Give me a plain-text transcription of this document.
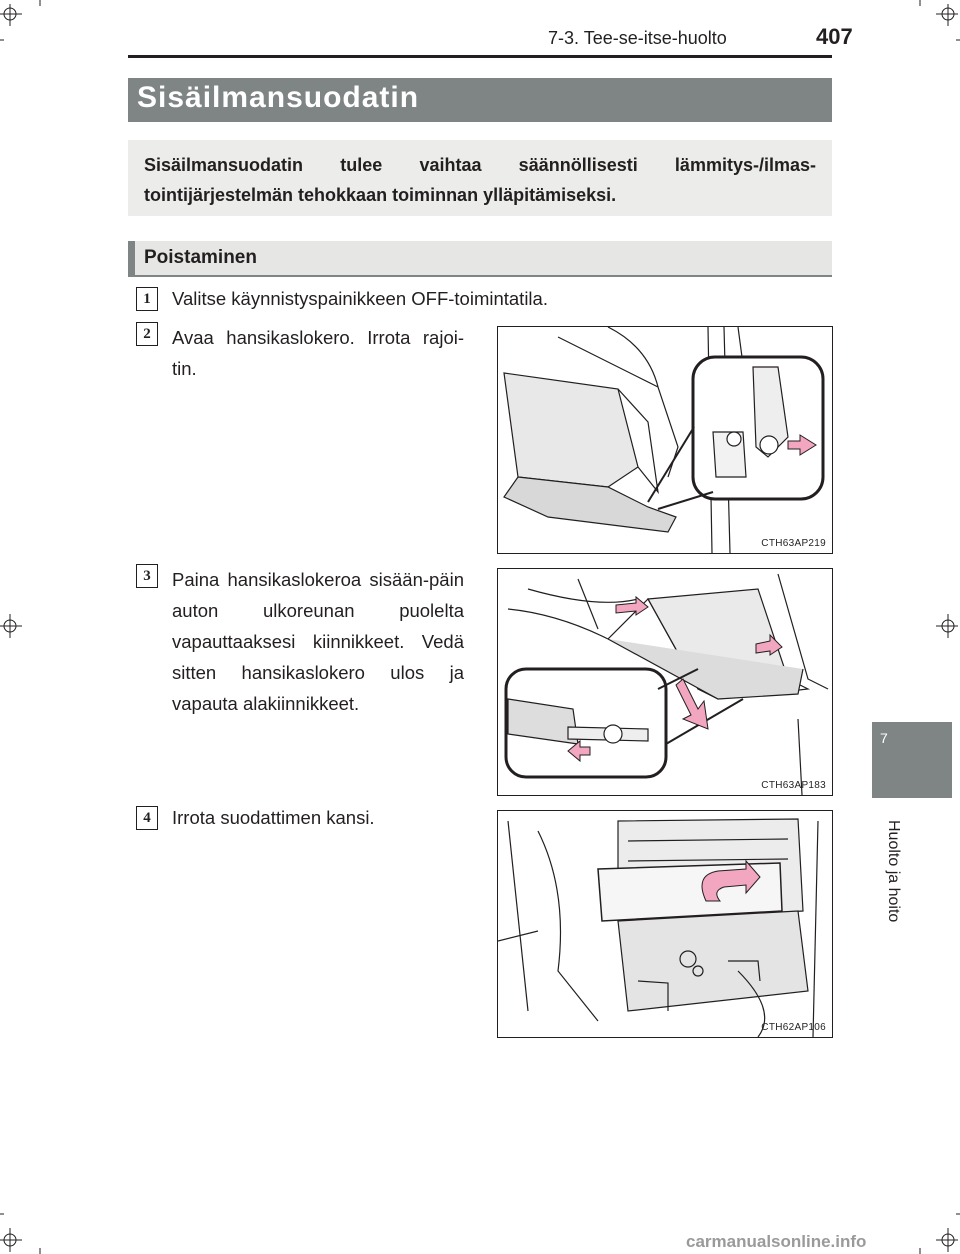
7-3. Tee-se-itse-huolto	407
Sisäilmansuodatin
Sisäilmansuodatin tulee vaihtaa säännöllisesti lämmitys-/ilmas-tointijärjestelmän tehokkaan toiminnan ylläpitämiseksi.
Poistaminen
1	Valitse käynnistyspainikkeen OFF-toimintatila.
2	Avaa hansikaslokero. Irrota rajoi-tin.
CTH63AP219
3	Paina hansikaslokeroa sisään-päin auton ulkoreunan puolelta vapauttaaksesi kiinnikkeet. Vedä sitten hansikaslokero ulos ja vapauta alakiinnikkeet.
CTH63AP183
4	Irrota suodattimen kansi.
CTH62AP106
7
Huolto ja hoito
carmanualsonline.info
